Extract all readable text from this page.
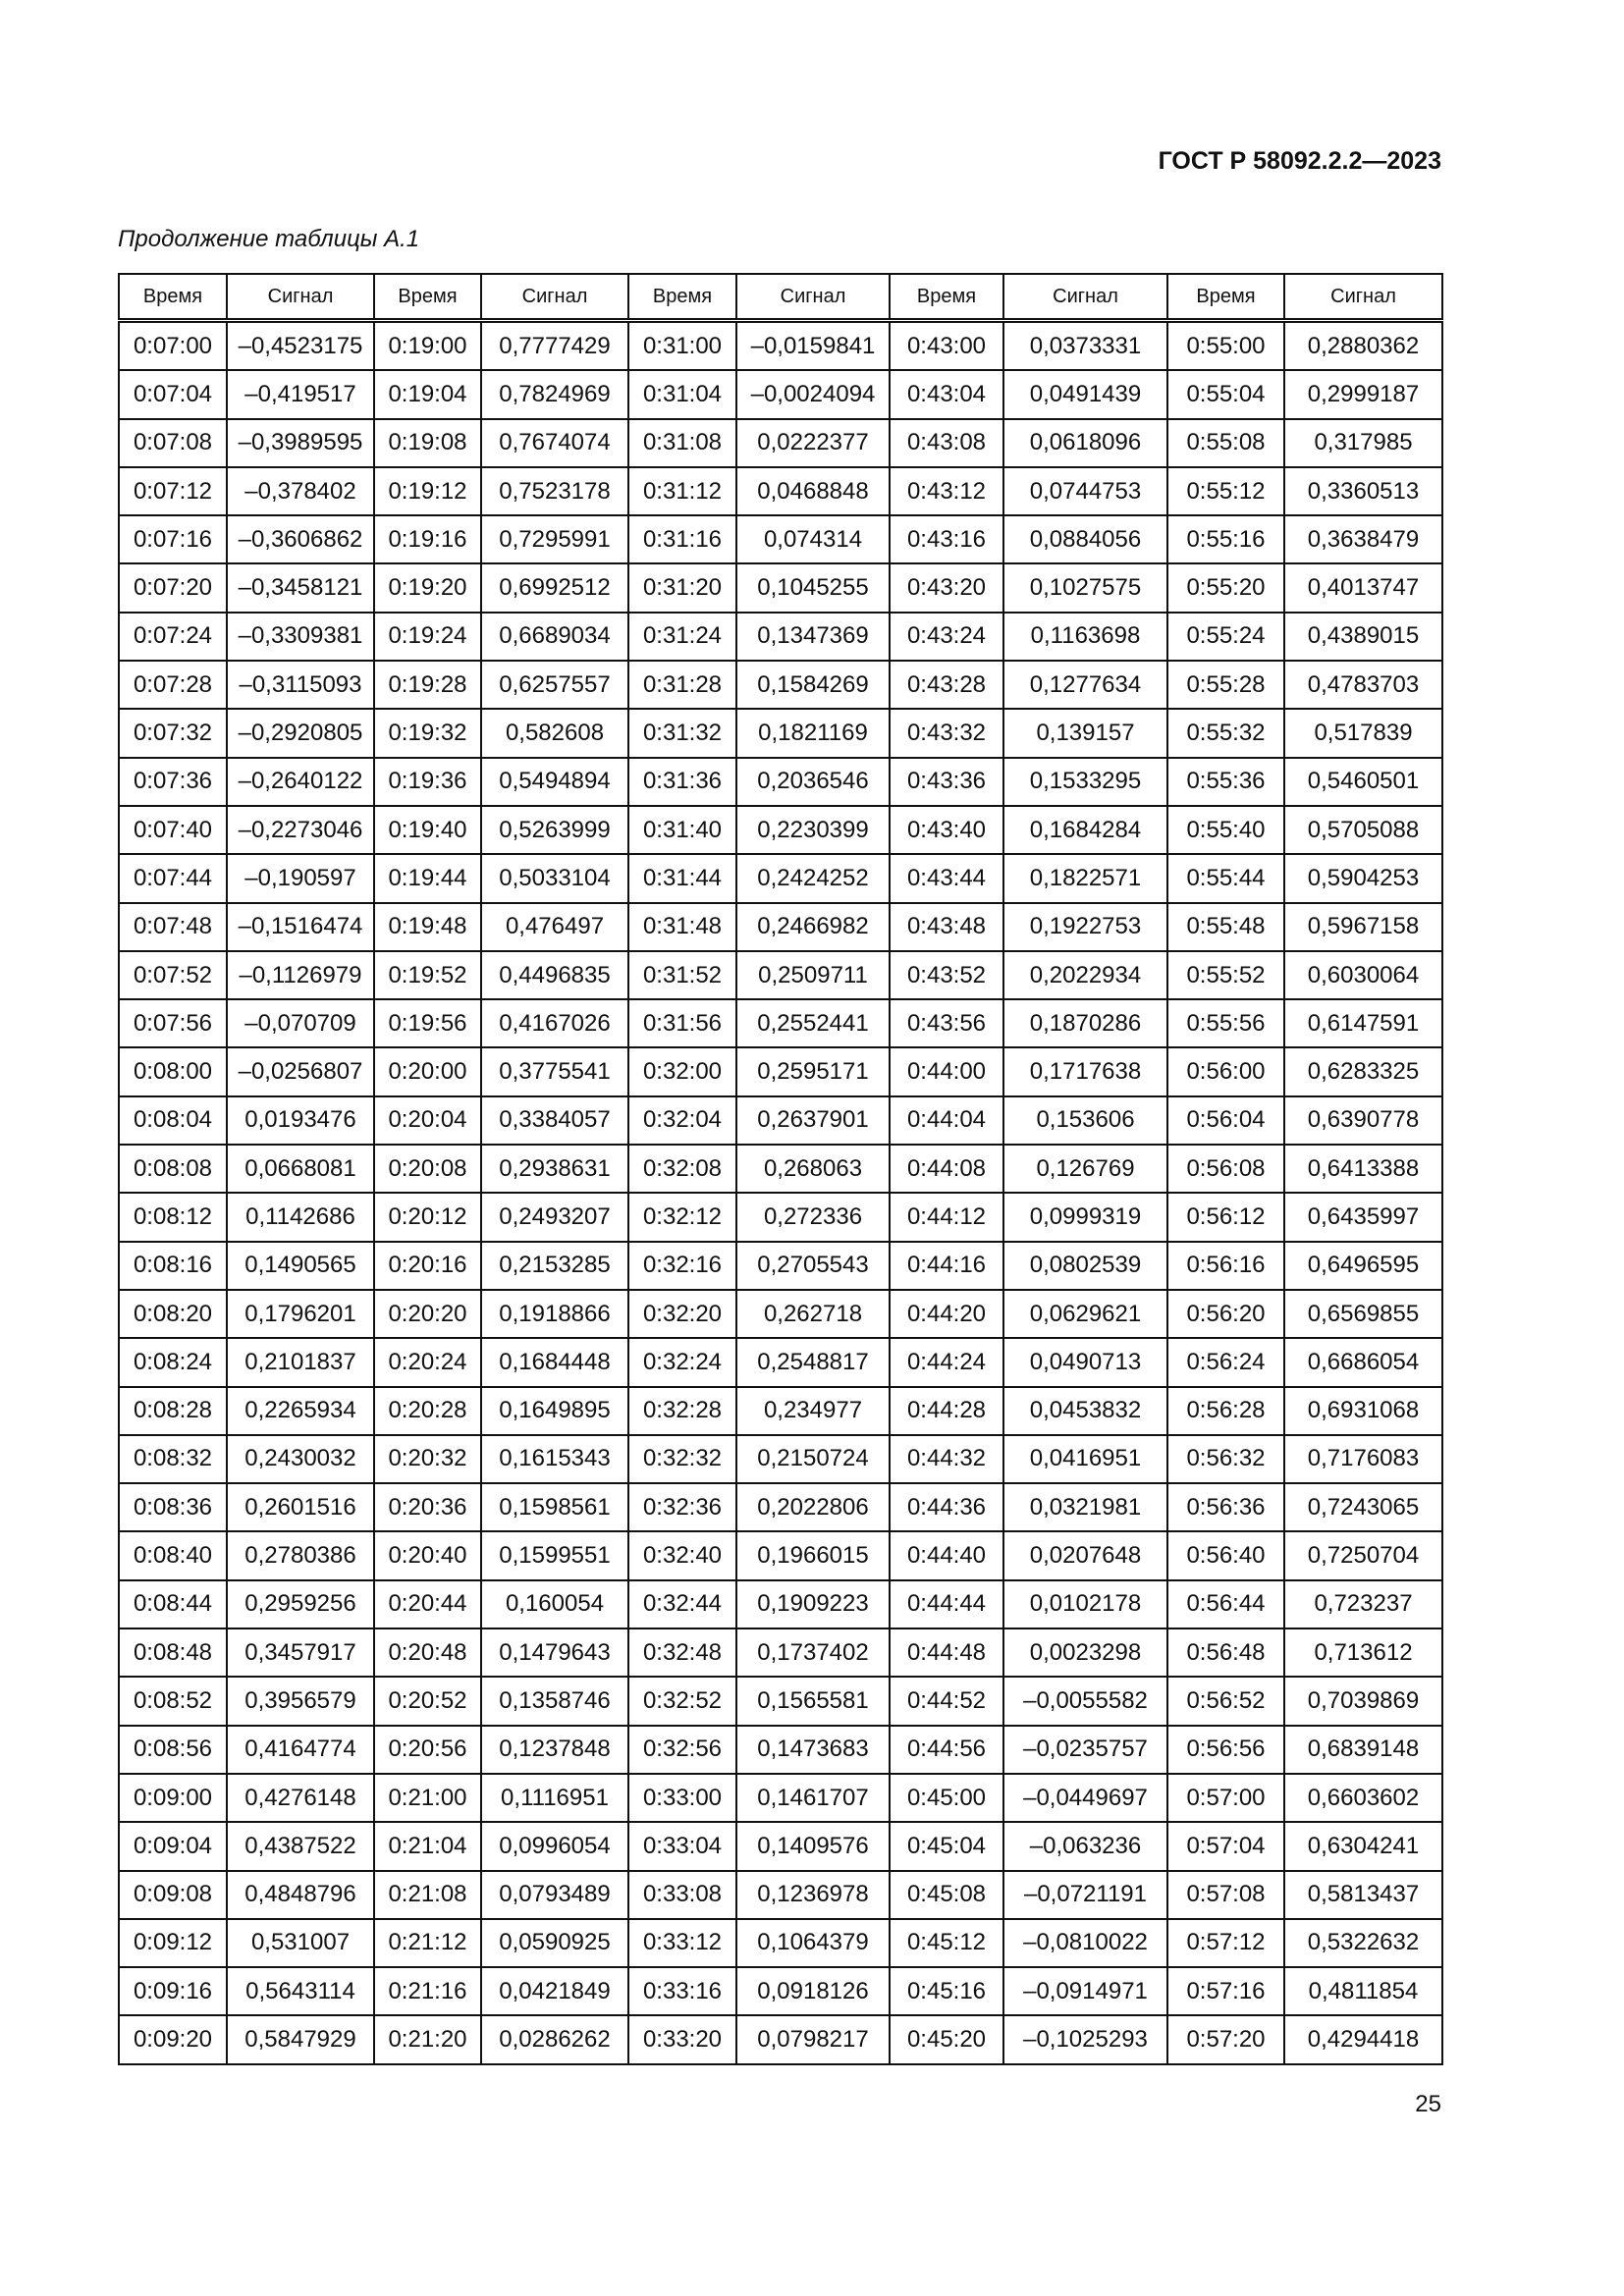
ГОСТ Р 58092.2.2—2023
Продолжение таблицы А.1
Время	Сигнал	Время	Сигнал	Время	Сигнал	Время	Сигнал	Время	Сигнал
0:07:00	–0,4523175	0:19:00	0,7777429	0:31:00	–0,0159841	0:43:00	0,0373331	0:55:00	0,2880362
0:07:04	–0,419517	0:19:04	0,7824969	0:31:04	–0,0024094	0:43:04	0,0491439	0:55:04	0,2999187
0:07:08	–0,3989595	0:19:08	0,7674074	0:31:08	0,0222377	0:43:08	0,0618096	0:55:08	0,317985
0:07:12	–0,378402	0:19:12	0,7523178	0:31:12	0,0468848	0:43:12	0,0744753	0:55:12	0,3360513
0:07:16	–0,3606862	0:19:16	0,7295991	0:31:16	0,074314	0:43:16	0,0884056	0:55:16	0,3638479
0:07:20	–0,3458121	0:19:20	0,6992512	0:31:20	0,1045255	0:43:20	0,1027575	0:55:20	0,4013747
0:07:24	–0,3309381	0:19:24	0,6689034	0:31:24	0,1347369	0:43:24	0,1163698	0:55:24	0,4389015
0:07:28	–0,3115093	0:19:28	0,6257557	0:31:28	0,1584269	0:43:28	0,1277634	0:55:28	0,4783703
0:07:32	–0,2920805	0:19:32	0,582608	0:31:32	0,1821169	0:43:32	0,139157	0:55:32	0,517839
0:07:36	–0,2640122	0:19:36	0,5494894	0:31:36	0,2036546	0:43:36	0,1533295	0:55:36	0,5460501
0:07:40	–0,2273046	0:19:40	0,5263999	0:31:40	0,2230399	0:43:40	0,1684284	0:55:40	0,5705088
0:07:44	–0,190597	0:19:44	0,5033104	0:31:44	0,2424252	0:43:44	0,1822571	0:55:44	0,5904253
0:07:48	–0,1516474	0:19:48	0,476497	0:31:48	0,2466982	0:43:48	0,1922753	0:55:48	0,5967158
0:07:52	–0,1126979	0:19:52	0,4496835	0:31:52	0,2509711	0:43:52	0,2022934	0:55:52	0,6030064
0:07:56	–0,070709	0:19:56	0,4167026	0:31:56	0,2552441	0:43:56	0,1870286	0:55:56	0,6147591
0:08:00	–0,0256807	0:20:00	0,3775541	0:32:00	0,2595171	0:44:00	0,1717638	0:56:00	0,6283325
0:08:04	0,0193476	0:20:04	0,3384057	0:32:04	0,2637901	0:44:04	0,153606	0:56:04	0,6390778
0:08:08	0,0668081	0:20:08	0,2938631	0:32:08	0,268063	0:44:08	0,126769	0:56:08	0,6413388
0:08:12	0,1142686	0:20:12	0,2493207	0:32:12	0,272336	0:44:12	0,0999319	0:56:12	0,6435997
0:08:16	0,1490565	0:20:16	0,2153285	0:32:16	0,2705543	0:44:16	0,0802539	0:56:16	0,6496595
0:08:20	0,1796201	0:20:20	0,1918866	0:32:20	0,262718	0:44:20	0,0629621	0:56:20	0,6569855
0:08:24	0,2101837	0:20:24	0,1684448	0:32:24	0,2548817	0:44:24	0,0490713	0:56:24	0,6686054
0:08:28	0,2265934	0:20:28	0,1649895	0:32:28	0,234977	0:44:28	0,0453832	0:56:28	0,6931068
0:08:32	0,2430032	0:20:32	0,1615343	0:32:32	0,2150724	0:44:32	0,0416951	0:56:32	0,7176083
0:08:36	0,2601516	0:20:36	0,1598561	0:32:36	0,2022806	0:44:36	0,0321981	0:56:36	0,7243065
0:08:40	0,2780386	0:20:40	0,1599551	0:32:40	0,1966015	0:44:40	0,0207648	0:56:40	0,7250704
0:08:44	0,2959256	0:20:44	0,160054	0:32:44	0,1909223	0:44:44	0,0102178	0:56:44	0,723237
0:08:48	0,3457917	0:20:48	0,1479643	0:32:48	0,1737402	0:44:48	0,0023298	0:56:48	0,713612
0:08:52	0,3956579	0:20:52	0,1358746	0:32:52	0,1565581	0:44:52	–0,0055582	0:56:52	0,7039869
0:08:56	0,4164774	0:20:56	0,1237848	0:32:56	0,1473683	0:44:56	–0,0235757	0:56:56	0,6839148
0:09:00	0,4276148	0:21:00	0,1116951	0:33:00	0,1461707	0:45:00	–0,0449697	0:57:00	0,6603602
0:09:04	0,4387522	0:21:04	0,0996054	0:33:04	0,1409576	0:45:04	–0,063236	0:57:04	0,6304241
0:09:08	0,4848796	0:21:08	0,0793489	0:33:08	0,1236978	0:45:08	–0,0721191	0:57:08	0,5813437
0:09:12	0,531007	0:21:12	0,0590925	0:33:12	0,1064379	0:45:12	–0,0810022	0:57:12	0,5322632
0:09:16	0,5643114	0:21:16	0,0421849	0:33:16	0,0918126	0:45:16	–0,0914971	0:57:16	0,4811854
0:09:20	0,5847929	0:21:20	0,0286262	0:33:20	0,0798217	0:45:20	–0,1025293	0:57:20	0,4294418
25
